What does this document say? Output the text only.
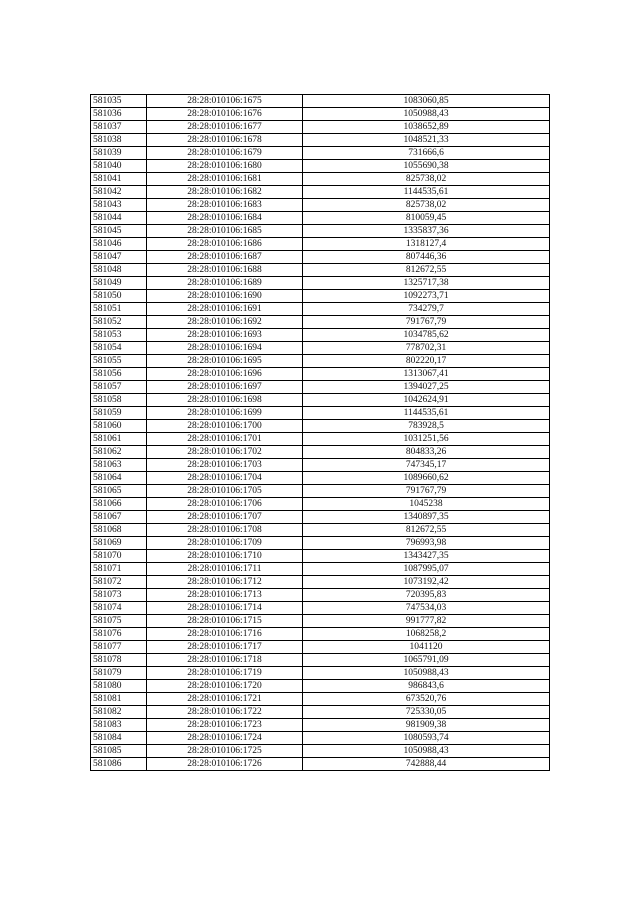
581035	28:28:010106:1675	1083060,85
581036	28:28:010106:1676	1050988,43
581037	28:28:010106:1677	1038652,89
581038	28:28:010106:1678	1048521,33
581039	28:28:010106:1679	731666,6
581040	28:28:010106:1680	1055690,38
581041	28:28:010106:1681	825738,02
581042	28:28:010106:1682	1144535,61
581043	28:28:010106:1683	825738,02
581044	28:28:010106:1684	810059,45
581045	28:28:010106:1685	1335837,36
581046	28:28:010106:1686	1318127,4
581047	28:28:010106:1687	807446,36
581048	28:28:010106:1688	812672,55
581049	28:28:010106:1689	1325717,38
581050	28:28:010106:1690	1092273,71
581051	28:28:010106:1691	734279,7
581052	28:28:010106:1692	791767,79
581053	28:28:010106:1693	1034785,62
581054	28:28:010106:1694	778702,31
581055	28:28:010106:1695	802220,17
581056	28:28:010106:1696	1313067,41
581057	28:28:010106:1697	1394027,25
581058	28:28:010106:1698	1042624,91
581059	28:28:010106:1699	1144535,61
581060	28:28:010106:1700	783928,5
581061	28:28:010106:1701	1031251,56
581062	28:28:010106:1702	804833,26
581063	28:28:010106:1703	747345,17
581064	28:28:010106:1704	1089660,62
581065	28:28:010106:1705	791767,79
581066	28:28:010106:1706	1045238
581067	28:28:010106:1707	1340897,35
581068	28:28:010106:1708	812672,55
581069	28:28:010106:1709	796993,98
581070	28:28:010106:1710	1343427,35
581071	28:28:010106:1711	1087995,07
581072	28:28:010106:1712	1073192,42
581073	28:28:010106:1713	720395,83
581074	28:28:010106:1714	747534,03
581075	28:28:010106:1715	991777,82
581076	28:28:010106:1716	1068258,2
581077	28:28:010106:1717	1041120
581078	28:28:010106:1718	1065791,09
581079	28:28:010106:1719	1050988,43
581080	28:28:010106:1720	986843,6
581081	28:28:010106:1721	673520,76
581082	28:28:010106:1722	725330,05
581083	28:28:010106:1723	981909,38
581084	28:28:010106:1724	1080593,74
581085	28:28:010106:1725	1050988,43
581086	28:28:010106:1726	742888,44
